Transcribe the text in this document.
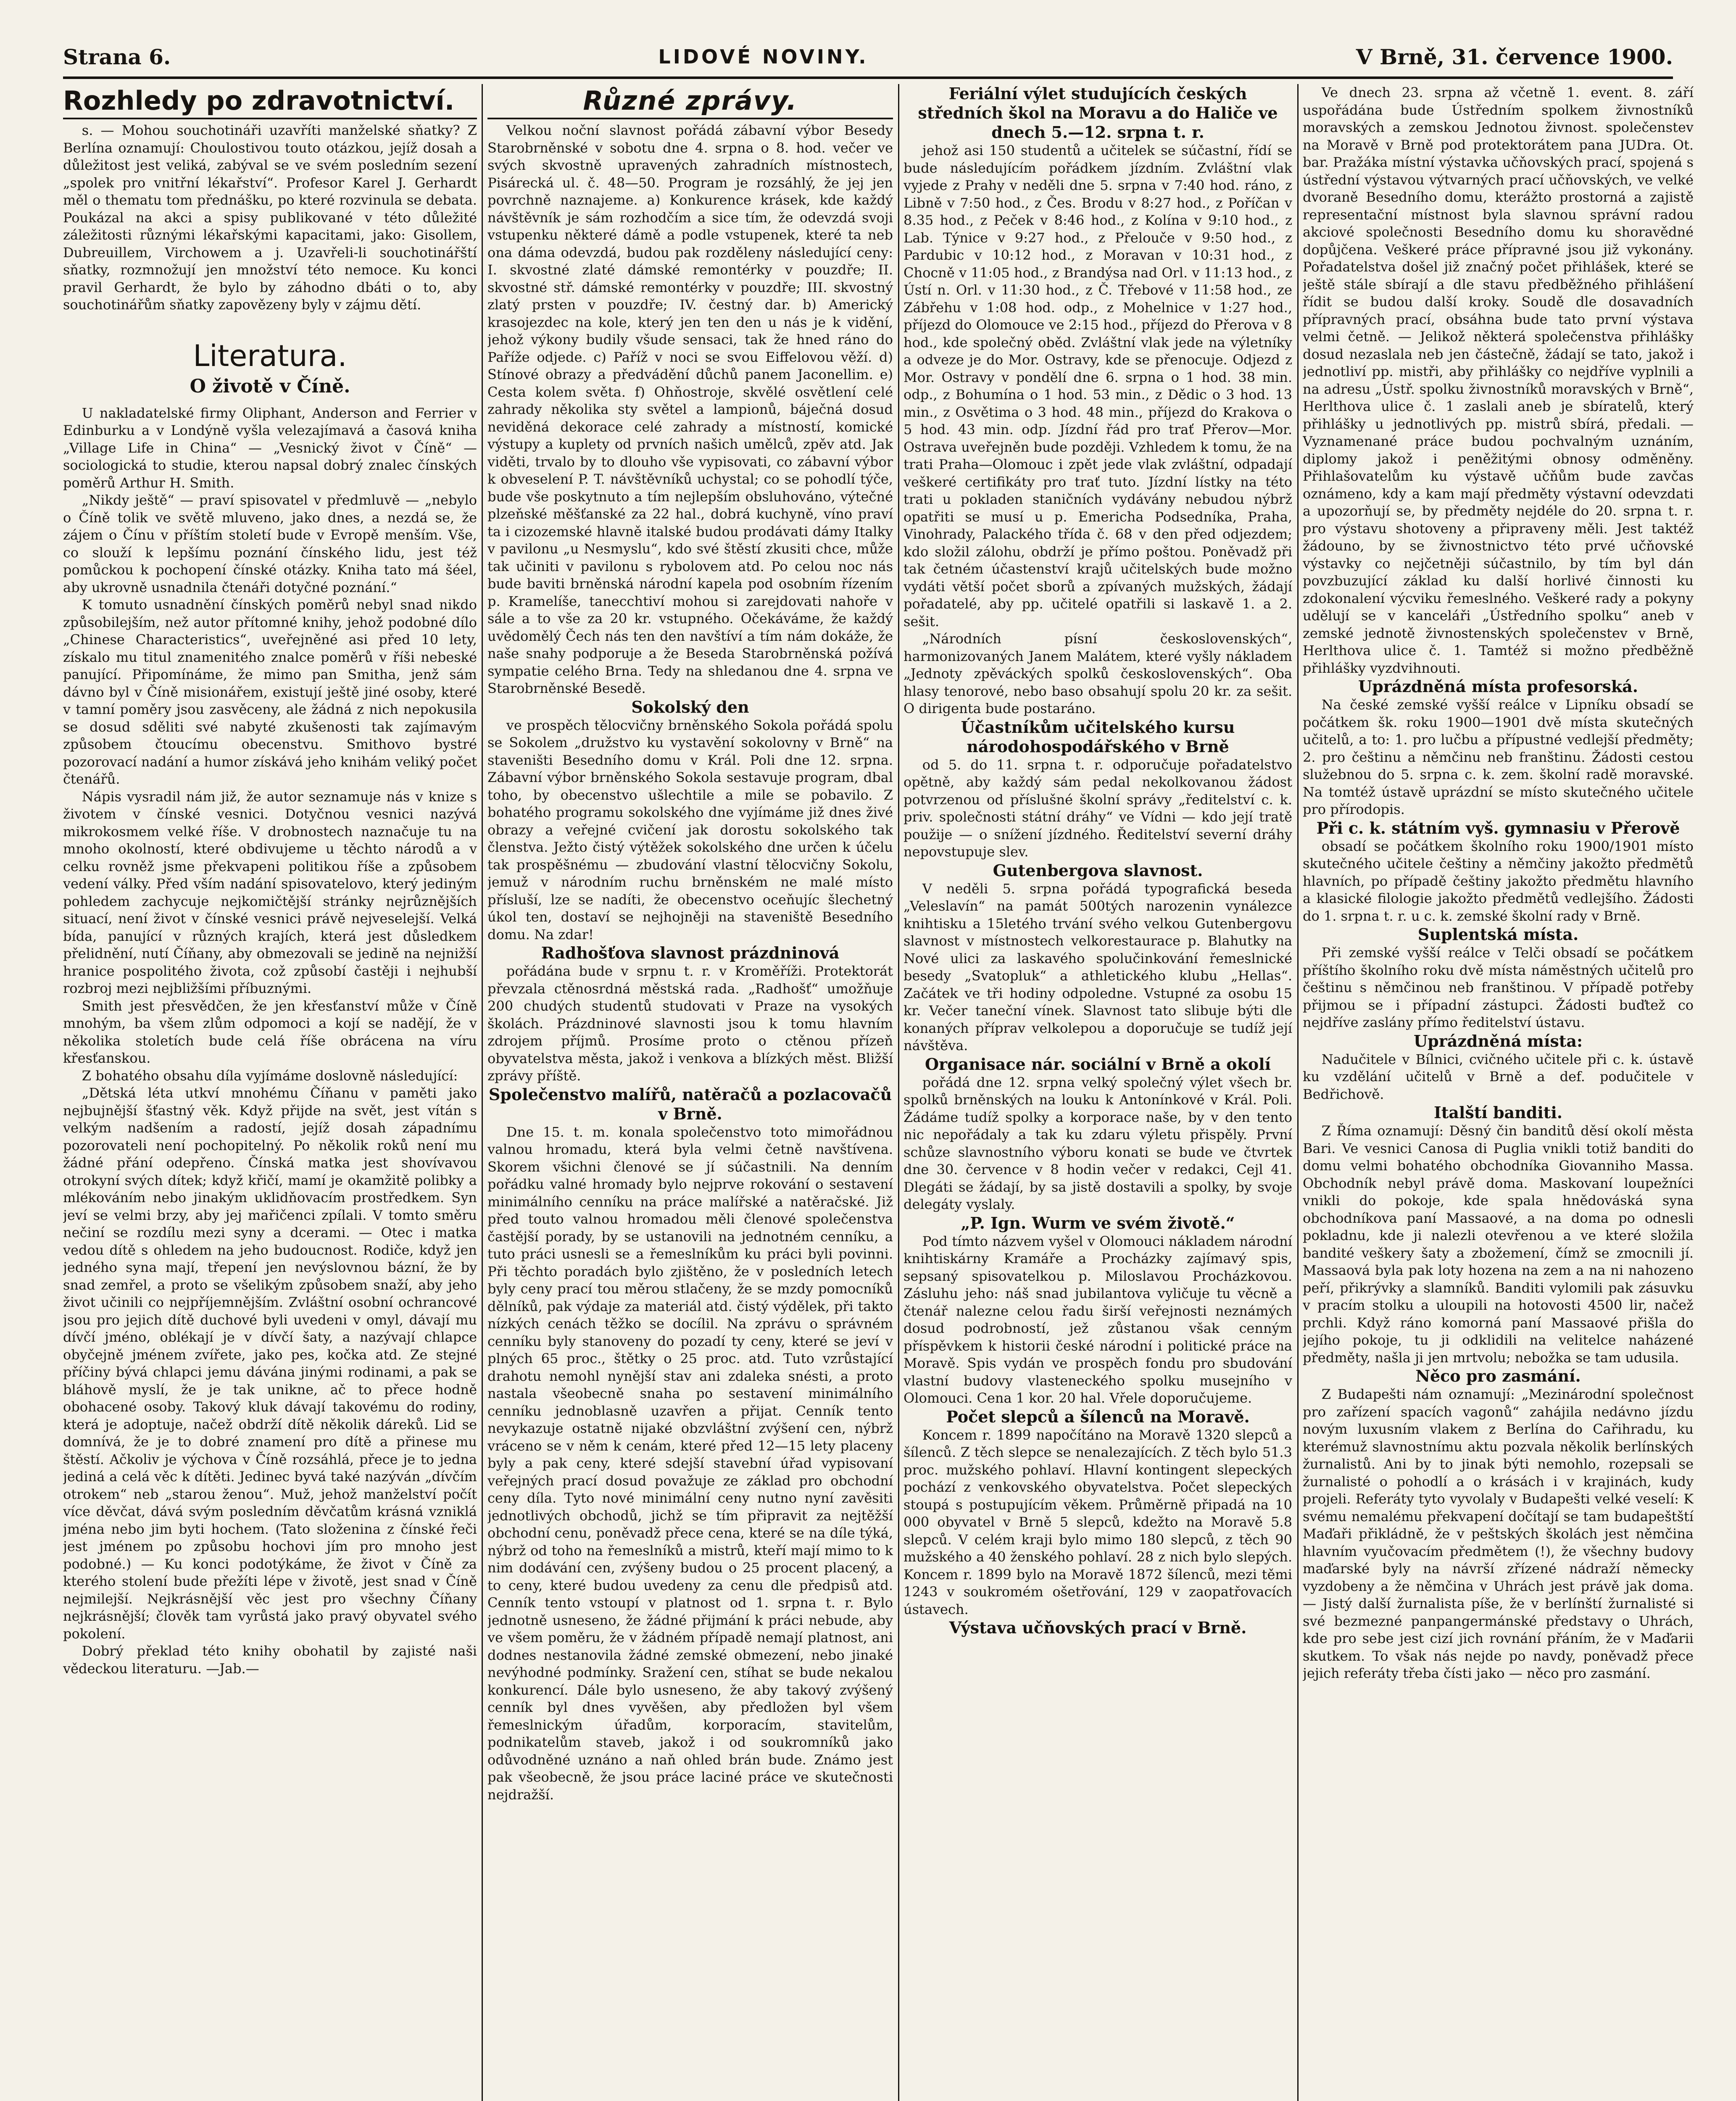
Strana 6.	LIDOVÉ NOVINY.	V Brně, 31. července 1900.
Rozhledy po zdravotnictví.

s. — Mohou souchotináři uzavříti manželské sňatky? Z Berlína oznamují: Choulostivou touto otázkou, jejíž dosah a důležitost jest veliká, zabýval se ve svém posledním sezení „spolek pro vnitřní lékařství“. Profesor Karel J. Gerhardt měl o thematu tom přednášku, po které rozvinula se debata. Poukázal na akci a spisy publikované v této důležité záležitosti různými lékařskými kapacitami, jako: Gisollem, Dubreuillem, Virchowem a j. Uzavřeli-li souchotinářští sňatky, rozmnožují jen množství této nemoce. Ku konci pravil Gerhardt, že bylo by záhodno dbáti o to, aby souchotinářům sňatky zapovězeny byly v zájmu dětí.

Literatura.
O životě v Číně.

U nakladatelské firmy Oliphant, Anderson and Ferrier v Edinburku a v Londýně vyšla velezajímavá a časová kniha „Village Life in China“ — „Vesnický život v Číně“ — sociologická to studie, kterou napsal dobrý znalec čínských poměrů Arthur H. Smith.

„Nikdy ještě“ — praví spisovatel v předmluvě — „nebylo o Číně tolik ve světě mluveno, jako dnes, a nezdá se, že zájem o Čínu v příštím století bude v Evropě menším. Vše, co slouží k lepšímu poznání čínského lidu, jest též pomůckou k pochopení čínské otázky. Kniha tato má šéel, aby ukrovně usnadnila čtenáři dotyčné poznání.“

K tomuto usnadnění čínských poměrů nebyl snad nikdo způsobilejším, než autor přítomné knihy, jehož podobné dílo „Chinese Characteristics“, uveřejněné asi před 10 lety, získalo mu titul znamenitého znalce poměrů v říši nebeské panující. Připomínáme, že mimo pan Smitha, jenž sám dávno byl v Číně misionářem, existují ještě jiné osoby, které v tamní poměry jsou zasvěceny, ale žádná z nich nepokusila se dosud sděliti své nabyté zkušenosti tak zajímavým způsobem čtoucímu obecenstvu. Smithovo bystré pozorovací nadání a humor získává jeho knihám veliký počet čtenářů.

Nápis vysradil nám již, že autor seznamuje nás v knize s životem v čínské vesnici. Dotyčnou vesnici nazývá mikrokosmem velké říše. V drobnostech naznačuje tu na mnoho okolností, které obdivujeme u těchto národů a v celku rovněž jsme překvapeni politikou říše a způsobem vedení války. Před vším nadání spisovatelovo, který jediným pohledem zachycuje nejkomičtější stránky nejrůznějších situací, není život v čínské vesnici právě nejveselejší. Velká bída, panující v různých krajích, která jest důsledkem přelidnění, nutí Číňany, aby obmezovali se jedině na nejnižší hranice pospolitého života, což způsobí častěji i nejhubší rozbroj mezi nejbližšími příbuznými.

Smith jest přesvědčen, že jen křesťanství může v Číně mnohým, ba všem zlům odpomoci a kojí se nadějí, že v několika stoletích bude celá říše obrácena na víru křesťanskou.

Z bohatého obsahu díla vyjímáme doslovně následující:

„Dětská léta utkví mnohému Číňanu v paměti jako nejbujnější šťastný věk. Když přijde na svět, jest vítán s velkým nadšením a radostí, jejíž dosah západnímu pozorovateli není pochopitelný. Po několik roků není mu žádné přání odepřeno. Čínská matka jest shovívavou otrokyní svých dítek; když křičí, mamí je okamžitě polibky a mlékováním nebo jinakým uklidňovacím prostředkem. Syn jeví se velmi brzy, aby jej mařičenci zpílali. V tomto směru nečiní se rozdílu mezi syny a dcerami. — Otec i matka vedou dítě s ohledem na jeho budoucnost. Rodiče, když jen jedného syna mají, třepení jen nevýslovnou bázní, že by snad zemřel, a proto se všelikým způsobem snaží, aby jeho život učinili co nejpříjemnějším. Zvláštní osobní ochrancové jsou pro jejich dítě duchové byli uvedeni v omyl, dávají mu dívčí jméno, oblékají je v dívčí šaty, a nazývají chlapce obyčejně jménem zvířete, jako pes, kočka atd. Ze stejné příčiny bývá chlapci jemu dávána jinými rodinami, a pak se bláhově myslí, že je tak unikne, ač to přece hodně obohacené osoby. Takový kluk dávají takovému do rodiny, která je adoptuje, načež obdrží dítě několik dáreků. Lid se domnívá, že je to dobré znamení pro dítě a přinese mu štěstí. Ačkoliv je výchova v Číně rozsáhlá, přece je to jedna jediná a celá věc k dítěti. Jedinec byvá také nazýván „dívčím otrokem“ neb „starou ženou“. Muž, jehož manželství počít více děvčat, dává svým posledním děvčatům krásná vzniklá jména nebo jim byti hochem. (Tato složenina z čínské řeči jest jménem po způsobu hochovi jím pro mnoho jest podobné.) — Ku konci podotýkáme, že život v Číně za kterého stolení bude přežíti lépe v životě, jest snad v Číně nejmilejší. Nejkrásnější věc jest pro všechny Číňany nejkrásnější; člověk tam vyrůstá jako pravý obyvatel svého pokolení.

Dobrý překlad této knihy obohatil by zajisté naši vědeckou literaturu. —Jab.—

Různé zprávy.

Velkou noční slavnost pořádá zábavní výbor Besedy Starobrněnské v sobotu dne 4. srpna o 8. hod. večer ve svých skvostně upravených zahradních místnostech, Pisárecká ul. č. 48—50. Program je rozsáhlý, že jej jen povrchně naznajeme. a) Konkurence krásek, kde každý návštěvník je sám rozhodčím a sice tím, že odevzdá svoji vstupenku některé dámě a podle vstupenek, které ta neb ona dáma odevzdá, budou pak rozděleny následující ceny: I. skvostné zlaté dámské remontérky v pouzdře; II. skvostné stř. dámské remontérky v pouzdře; III. skvostný zlatý prsten v pouzdře; IV. čestný dar. b) Americký krasojezdec na kole, který jen ten den u nás je k vidění, jehož výkony budily všude sensaci, tak že hned ráno do Paříže odjede. c) Paříž v noci se svou Eiffelovou věží. d) Stínové obrazy a předvádění důchů panem Jaconellim. e) Cesta kolem světa. f) Ohňostroje, skvělé osvětlení celé zahrady několika sty světel a lampionů, báječná dosud neviděná dekorace celé zahrady a místností, komické výstupy a kuplety od prvních našich umělců, zpěv atd. Jak viděti, trvalo by to dlouho vše vypisovati, co zábavní výbor k obveselení P. T. návštěvníků uchystal; co se pohodlí týče, bude vše poskytnuto a tím nejlepším obsluhováno, výtečné plzeňské měšťanské za 22 hal., dobrá kuchyně, víno praví ta i cizozemské hlavně italské budou prodávati dámy Italky v pavilonu „u Nesmyslu“, kdo své štěstí zkusiti chce, může tak učiniti v pavilonu s rybolovem atd. Po celou noc nás bude baviti brněnská národní kapela pod osobním řízením p. Kramelíše, tanecchtiví mohou si zarejdovati nahoře v sále a to vše za 20 kr. vstupného. Očekáváme, že každý uvědomělý Čech nás ten den navštíví a tím nám dokáže, že naše snahy podporuje a že Beseda Starobrněnská požívá sympatie celého Brna. Tedy na shledanou dne 4. srpna ve Starobrněnské Besedě.

Sokolský den

ve prospěch tělocvičny brněnského Sokola pořádá spolu se Sokolem „družstvo ku vystavění sokolovny v Brně“ na staveništi Besedního domu v Král. Poli dne 12. srpna. Zábavní výbor brněnského Sokola sestavuje program, dbal toho, by obecenstvo ušlechtile a mile se pobavilo. Z bohatého programu sokolského dne vyjímáme již dnes živé obrazy a veřejné cvičení jak dorostu sokolského tak členstva. Ježto čistý výtěžek sokolského dne určen k účelu tak prospěšnému — zbudování vlastní tělocvičny Sokolu, jemuž v národním ruchu brněnském ne malé místo přísluší, lze se nadíti, že obecenstvo oceňujíc šlechetný úkol ten, dostaví se nejhojněji na staveniště Besedního domu. Na zdar!

Radhošťova slavnost prázdninová

pořádána bude v srpnu t. r. v Kroměříži. Protektorát převzala ctěnosrdná městská rada. „Radhošť“ umožňuje 200 chudých studentů studovati v Praze na vysokých školách. Prázdninové slavnosti jsou k tomu hlavním zdrojem příjmů. Prosíme proto o ctěnou přízeň obyvatelstva města, jakož i venkova a blízkých měst. Bližší zprávy příště.

Společenstvo malířů, natěračů a pozlacovačů v Brně.

Dne 15. t. m. konala společenstvo toto mimořádnou valnou hromadu, která byla velmi četně navštívena. Skorem všichni členové se jí súčastnili. Na denním pořádku valné hromady bylo nejprve rokování o sestavení minimálního cenníku na práce malířské a natěračské. Již před touto valnou hromadou měli členové společenstva častější porady, by se ustanovili na jednotném cenníku, a tuto práci usnesli se a řemeslníkům ku práci byli povinni. Při těchto poradách bylo zjištěno, že v posledních letech byly ceny prací tou měrou stlačeny, že se mzdy pomocníků dělníků, pak výdaje za materiál atd. čistý výdělek, při takto nízkých cenách těžko se docílil. Na zprávu o správném cenníku byly stanoveny do pozadí ty ceny, které se jeví v plných 65 proc., štětky o 25 proc. atd. Tuto vzrůstající drahotu nemohl nynější stav ani zdaleka snésti, a proto nastala všeobecně snaha po sestavení minimálního cenníku jednoblasně uzavřen a přijat. Cenník tento nevykazuje ostatně nijaké obzvláštní zvýšení cen, nýbrž vráceno se v něm k cenám, které před 12—15 lety placeny byly a pak ceny, které sdejší stavební úřad vypisovaní veřejných prací dosud považuje ze základ pro obchodní ceny díla. Tyto nové minimální ceny nutno nyní zavěsiti jednotlivých obchodů, jichž se tím připravit za nejtěžší obchodní cenu, poněvadž přece cena, které se na díle týká, nýbrž od toho na řemeslníků a mistrů, kteří mají mimo to k nim dodávání cen, zvýšeny budou o 25 procent placený, a to ceny, které budou uvedeny za cenu dle předpisů atd. Cenník tento vstoupí v platnost od 1. srpna t. r. Bylo jednotně usneseno, že žádné přijmání k práci nebude, aby ve všem poměru, že v žádném případě nemají platnost, ani dodnes nestanovila žádné zemské obmezení, nebo jinaké nevýhodné podmínky. Sražení cen, stíhat se bude nekalou konkurencí. Dále bylo usneseno, že aby takový zvýšený cenník byl dnes vyvěšen, aby předložen byl všem řemeslnickým úřadům, korporacím, stavitelům, podnikatelům staveb, jakož i od soukromníků jako odůvodněné uznáno a naň ohled brán bude. Známo jest pak všeobecně, že jsou práce laciné práce ve skutečnosti nejdražší.

Feriální výlet studujících českých středních škol na Moravu a do Haliče ve dnech 5.—12. srpna t. r.

jehož asi 150 studentů a učitelek se súčastní, řídí se bude následujícím pořádkem jízdním. Zvláštní vlak vyjede z Prahy v neděli dne 5. srpna v 7:40 hod. ráno, z Libně v 7:50 hod., z Čes. Brodu v 8:27 hod., z Poříčan v 8.35 hod., z Peček v 8:46 hod., z Kolína v 9:10 hod., z Lab. Týnice v 9:27 hod., z Přelouče v 9:50 hod., z Pardubic v 10:12 hod., z Moravan v 10:31 hod., z Chocně v 11:05 hod., z Brandýsa nad Orl. v 11:13 hod., z Ústí n. Orl. v 11:30 hod., z Č. Třebové v 11:58 hod., ze Zábřehu v 1:08 hod. odp., z Mohelnice v 1:27 hod., příjezd do Olomouce ve 2:15 hod., příjezd do Přerova v 8 hod., kde společný oběd. Zvláštní vlak jede na výletníky a odveze je do Mor. Ostravy, kde se přenocuje. Odjezd z Mor. Ostravy v pondělí dne 6. srpna o 1 hod. 38 min. odp., z Bohumína o 1 hod. 53 min., z Dědic o 3 hod. 13 min., z Osvětima o 3 hod. 48 min., příjezd do Krakova o 5 hod. 43 min. odp. Jízdní řád pro trať Přerov—Mor. Ostrava uveřejněn bude později. Vzhledem k tomu, že na trati Praha—Olomouc i zpět jede vlak zvláštní, odpadají veškeré certifikáty pro trať tuto. Jízdní lístky na této trati u pokladen staničních vydávány nebudou nýbrž opatřiti se musí u p. Emericha Podsedníka, Praha, Vinohrady, Palackého třída č. 68 v den před odjezdem; kdo složil zálohu, obdrží je přímo poštou. Poněvadž při tak četném účastenství krajů učitelských bude možno vydáti větší počet sborů a zpívaných mužských, žádají pořadatelé, aby pp. učitelé opatřili si laskavě 1. a 2. sešit.

„Národních písní československých“, harmonizovaných Janem Malátem, které vyšly nákladem „Jednoty zpěváckých spolků československých“. Oba hlasy tenorové, nebo baso obsahují spolu 20 kr. za sešit. O dirigenta bude postaráno.

Účastníkům učitelského kursu národohospodářského v Brně

od 5. do 11. srpna t. r. odporučuje pořadatelstvo opětně, aby každý sám pedal nekolkovanou žádost potvrzenou od příslušné školní správy „ředitelství c. k. priv. společnosti státní dráhy“ ve Vídni — kdo její tratě použije — o snížení jízdného. Ředitelství severní dráhy nepovstupuje slev.

Gutenbergova slavnost.

V neděli 5. srpna pořádá typografická beseda „Veleslavín“ na památ 500tých narozenin vynálezce knihtisku a 15letého trvání svého velkou Gutenbergovu slavnost v místnostech velkorestaurace p. Blahutky na Nové ulici za laskavého spolučinkování řemeslnické besedy „Svatopluk“ a athletického klubu „Hellas“. Začátek ve tři hodiny odpoledne. Vstupné za osobu 15 kr. Večer taneční vínek. Slavnost tato slibuje býti dle konaných příprav velkolepou a doporučuje se tudíž její návštěva.

Organisace nár. sociální v Brně a okolí

pořádá dne 12. srpna velký společný výlet všech br. spolků brněnských na louku k Antonínkové v Král. Poli. Žádáme tudíž spolky a korporace naše, by v den tento nic nepořádaly a tak ku zdaru výletu přispěly. První schůze slavnostního výboru konati se bude ve čtvrtek dne 30. července v 8 hodin večer v redakci, Cejl 41. Dlegáti se žádají, by sa jistě dostavili a spolky, by svoje delegáty vyslaly.

„P. Ign. Wurm ve svém životě.“

Pod tímto názvem vyšel v Olomouci nákladem národní knihtiskárny Kramáře a Procházky zajímavý spis, sepsaný spisovatelkou p. Miloslavou Procházkovou. Zásluhu jeho: náš snad jubilantova vyličuje tu věcně a čtenář nalezne celou řadu širší veřejnosti neznámých dosud podrobností, jež zůstanou však cenným příspěvkem k historii české národní i politické práce na Moravě. Spis vydán ve prospěch fondu pro sbudování vlastní budovy vlasteneckého spolku musejního v Olomouci. Cena 1 kor. 20 hal. Vřele doporučujeme.

Počet slepců a šílenců na Moravě.

Koncem r. 1899 napočítáno na Moravě 1320 slepců a šílenců. Z těch slepce se nenalezajících. Z těch bylo 51.3 proc. mužského pohlaví. Hlavní kontingent slepeckých pochází z venkovského obyvatelstva. Počet slepeckých stoupá s postupujícím věkem. Průměrně připadá na 10 000 obyvatel v Brně 5 slepců, kdežto na Moravě 5.8 slepců. V celém kraji bylo mimo 180 slepců, z těch 90 mužského a 40 ženského pohlaví. 28 z nich bylo slepých. Koncem r. 1899 bylo na Moravě 1872 šílenců, mezi těmi 1243 v soukromém ošetřování, 129 v zaopatřovacích ústavech.

Výstava učňovských prací v Brně.

Ve dnech 23. srpna až včetně 1. event. 8. září uspořádána bude Ústředním spolkem živnostníků moravských a zemskou Jednotou živnost. společenstev na Moravě v Brně pod protektorátem pana JUDra. Ot. bar. Pražáka místní výstavka učňovských prací, spojená s ústřední výstavou výtvarných prací učňovských, ve velké dvoraně Besedního domu, kterážto prostorná a zajistě representační místnost byla slavnou správní radou akciové společnosti Besedního domu ku shoravědné dopůjčena. Veškeré práce přípravné jsou již vykonány. Pořadatelstva došel již značný počet přihlášek, které se ještě stále sbírají a dle stavu předběžného přihlášení řídit se budou další kroky. Soudě dle dosavadních přípravných prací, obsáhna bude tato první výstava velmi četně. — Jelikož některá společenstva přihlášky dosud nezaslala neb jen částečně, žádají se tato, jakož i jednotliví pp. mistři, aby přihlášky co nejdříve vyplnili a na adresu „Ústř. spolku živnostníků moravských v Brně“, Herlthova ulice č. 1 zaslali aneb je sbíratelů, který přihlášky u jednotlivých pp. mistrů sbírá, předali. — Vyznamenané práce budou pochvalným uznáním, diplomy jakož i peněžitými obnosy odměněny. Přihlašovatelům ku výstavě učňům bude zavčas oznámeno, kdy a kam mají předměty výstavní odevzdati a upozorňují se, by předměty nejdéle do 20. srpna t. r. pro výstavu shotoveny a připraveny měli. Jest taktéž žádouno, by se živnostnictvo této prvé učňovské výstavky co nejčetněji súčastnilo, by tím byl dán povzbuzující základ ku další horlivé činnosti ku zdokonalení výcviku řemeslného. Veškeré rady a pokyny udělují se v kanceláři „Ústředního spolku“ aneb v zemské jednotě živnostenských společenstev v Brně, Herlthova ulice č. 1. Tamtéž si možno předběžně přihlášky vyzdvihnouti.

Uprázdněná místa profesorská.

Na české zemské vyšší reálce v Lipníku obsadí se počátkem šk. roku 1900—1901 dvě místa skutečných učitelů, a to: 1. pro lučbu a přípustné vedlejší předměty; 2. pro češtinu a němčinu neb franštinu. Žádosti cestou služebnou do 5. srpna c. k. zem. školní radě moravské. Na tomtéž ústavě uprázdní se místo skutečného učitele pro přírodopis.

Při c. k. státním vyš. gymnasiu v Přerově

obsadí se počátkem školního roku 1900/1901 místo skutečného učitele češtiny a němčiny jakožto předmětů hlavních, po případě češtiny jakožto předmětu hlavního a klasické filologie jakožto předmětů vedlejšího. Žádosti do 1. srpna t. r. u c. k. zemské školní rady v Brně.

Suplentská místa.

Při zemské vyšší reálce v Telči obsadí se počátkem příštího školního roku dvě místa náměstných učitelů pro češtinu s němčinou neb franštinou. V případě potřeby přijmou se i případní zástupci. Žádosti buďtež co nejdříve zaslány přímo ředitelství ústavu.

Uprázdněná místa:

Nadučitele v Bílnici, cvičného učitele při c. k. ústavě ku vzdělání učitelů v Brně a def. podučitele v Bedřichově.

Italští banditi.

Z Říma oznamují: Děsný čin banditů děsí okolí města Bari. Ve vesnici Canosa di Puglia vnikli totiž banditi do domu velmi bohatého obchodníka Giovanniho Massa. Obchodník nebyl právě doma. Maskovaní loupežníci vnikli do pokoje, kde spala hnědováská syna obchodníkova paní Massaové, a na doma po odnesli pokladnu, kde ji nalezli otevřenou a ve které složila bandité veškery šaty a zbožemení, čímž se zmocnili jí. Massaová byla pak loty hozena na zem a na ni nahozeno peří, přikrývky a slamníků. Banditi vylomili pak zásuvku v pracím stolku a uloupili na hotovosti 4500 lir, načež prchli. Když ráno komorná paní Massaové přišla do jejího pokoje, tu ji odklidili na velitelce naházené předměty, našla ji jen mrtvolu; nebožka se tam udusila.

Něco pro zasmání.

Z Budapešti nám oznamují: „Mezinárodní společnost pro zařízení spacích vagonů“ zahájila nedávno jízdu novým luxusním vlakem z Berlína do Cařihradu, ku kterémuž slavnostnímu aktu pozvala několik berlínských žurnalistů. Ani by to jinak býti nemohlo, rozepsali se žurnalisté o pohodlí a o krásách i v krajinách, kudy projeli. Referáty tyto vyvolaly v Budapešti velké veselí: K svému nemalému překvapení dočítají se tam budapeštští Maďaři přikládně, že v peštských školách jest němčina hlavním vyučovacím předmětem (!), že všechny budovy maďarské byly na návrší zřízené nádraží německy vyzdobeny a že němčina v Uhrách jest právě jak doma. — Jistý další žurnalista píše, že v berlínští žurnalisté si své bezmezné panpangermánské představy o Uhrách, kde pro sebe jest cizí jich rovnání přáním, že v Maďarii skutkem. To však nás nejde po navdy, poněvadž přece jejich referáty třeba čísti jako — něco pro zasmání.
